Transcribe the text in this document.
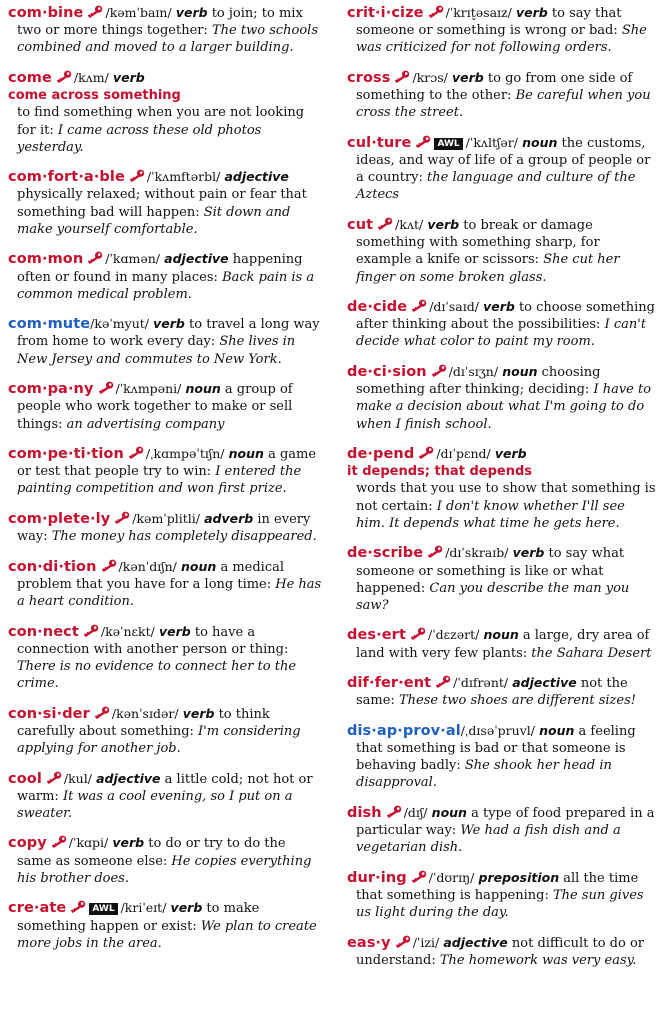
com·bine /kəmˈbaɪn/ verb to join; to mix two or more things together: The two schools combined and moved to a larger building.
come /kʌm/ verb
come across something
to find something when you are not looking for it: I came across these old photos yesterday.
com·fort·a·ble /ˈkʌmftərbl/ adjective physically relaxed; without pain or fear that something bad will happen: Sit down and make yourself comfortable.
com·mon /ˈkɑmən/ adjective happening often or found in many places: Back pain is a common medical problem.
com·mute/kəˈmyut/ verb to travel a long way from home to work every day: She lives in New Jersey and commutes to New York.
com·pa·ny /ˈkʌmpəni/ noun a group of people who work together to make or sell things: an advertising company
com·pe·ti·tion /ˌkɑmpəˈtɪʃn/ noun a game or test that people try to win: I entered the painting competition and won first prize.
com·plete·ly /kəmˈplitli/ adverb in every way: The money has completely disappeared.
con·di·tion /kənˈdɪʃn/ noun a medical problem that you have for a long time: He has a heart condition.
con·nect /kəˈnɛkt/ verb to have a connection with another person or thing: There is no evidence to connect her to the crime.
con·si·der /kənˈsɪdər/ verb to think carefully about something: I'm considering applying for another job.
cool /kul/ adjective a little cold; not hot or warm: It was a cool evening, so I put on a sweater.
copy /ˈkɑpi/ verb to do or try to do the same as someone else: He copies everything his brother does.
cre·ate	AWL /kriˈeɪt/ verb to make something happen or exist: We plan to create more jobs in the area.
crit·i·cize /ˈkrɪt̬əsaɪz/ verb to say that someone or something is wrong or bad: She was criticized for not following orders.
cross /krɔs/ verb to go from one side of something to the other: Be careful when you cross the street.
cul·ture	AWL /ˈkʌltʃər/ noun the customs, ideas, and way of life of a group of people or a country: the language and culture of the Aztecs
cut /kʌt/ verb to break or damage something with something sharp, for example a knife or scissors: She cut her finger on some broken glass.
de·cide /dɪˈsaɪd/ verb to choose something after thinking about the possibilities: I can't decide what color to paint my room.
de·ci·sion /dɪˈsɪʒn/ noun choosing something after thinking; deciding: I have to make a decision about what I'm going to do when I finish school.
de·pend /dɪˈpɛnd/ verb
it depends; that depends
words that you use to show that something is not certain: I don't know whether I'll see him. It depends what time he gets here.
de·scribe /dɪˈskraɪb/ verb to say what someone or something is like or what happened: Can you describe the man you saw?
des·ert /ˈdɛzərt/ noun a large, dry area of land with very few plants: the Sahara Desert
dif·fer·ent /ˈdɪfrənt/ adjective not the same: These two shoes are different sizes!
dis·ap·prov·al/ˌdɪsəˈpruvl/ noun a feeling that something is bad or that someone is behaving badly: She shook her head in disapproval.
dish /dɪʃ/ noun a type of food prepared in a particular way: We had a fish dish and a vegetarian dish.
dur·ing /ˈdʊrɪŋ/ preposition all the time that something is happening: The sun gives us light during the day.
eas·y /ˈizi/ adjective not difficult to do or understand: The homework was very easy.
